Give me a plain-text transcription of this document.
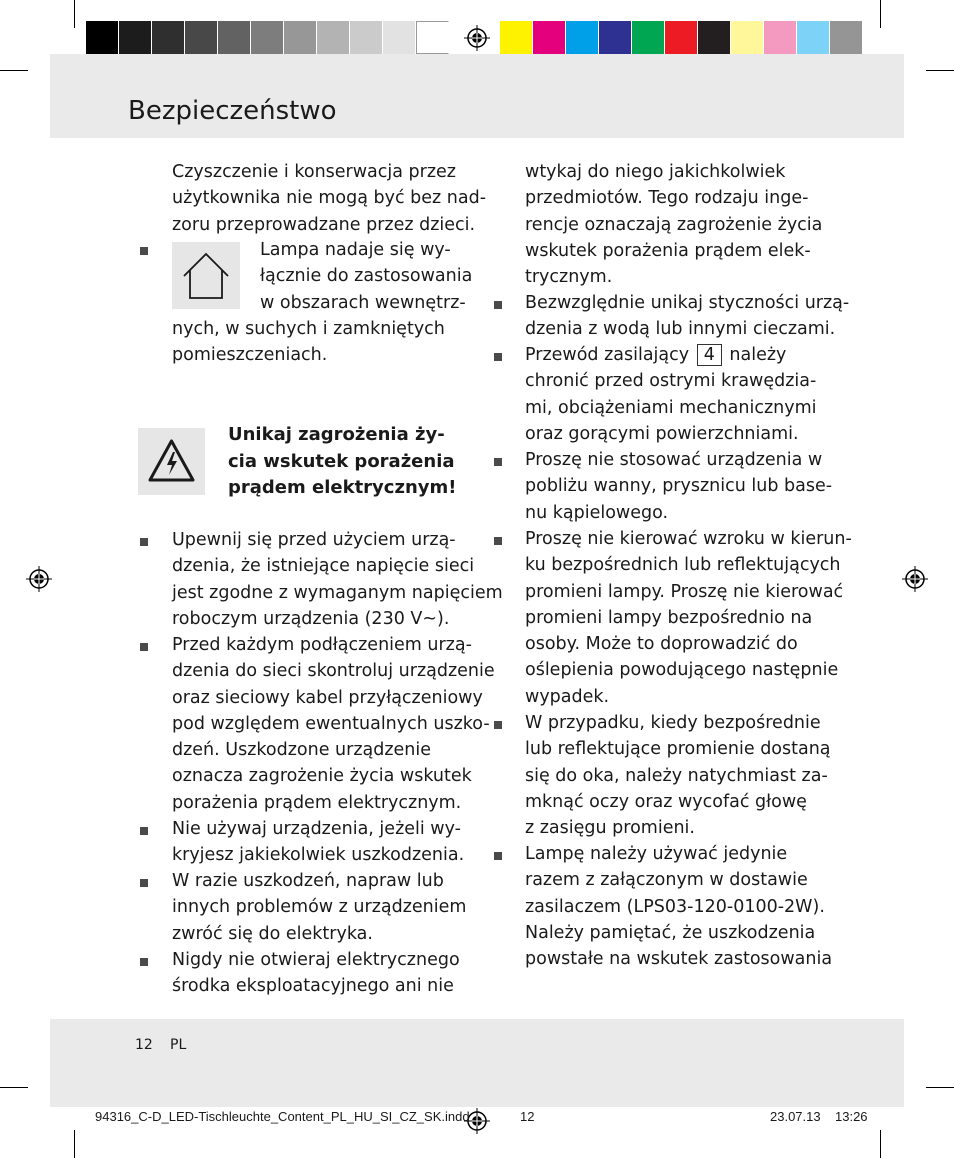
Bezpieczeństwo

Czyszczenie i konserwacja przez

użytkownika nie mogą być bez nad-

zoru przeprowadzane przez dzieci.

Lampa nadaje się wy-

łącznie do zastosowania

w obszarach wewnętrz-

nych, w suchych i zamkniętych

pomieszczeniach.

Unikaj zagrożenia ży-

cia wskutek porażenia

prądem elektrycznym!

Upewnij się przed użyciem urzą-

dzenia, że istniejące napięcie sieci

jest zgodne z wymaganym napięciem

roboczym urządzenia (230 V~).

Przed każdym podłączeniem urzą-

dzenia do sieci skontroluj urządzenie

oraz sieciowy kabel przyłączeniowy

pod względem ewentualnych uszko-

dzeń. Uszkodzone urządzenie

oznacza zagrożenie życia wskutek

porażenia prądem elektrycznym.

Nie używaj urządzenia, jeżeli wy-

kryjesz jakiekolwiek uszkodzenia.

W razie uszkodzeń, napraw lub

innych problemów z urządzeniem

zwróć się do elektryka.

Nigdy nie otwieraj elektrycznego

środka eksploatacyjnego ani nie

wtykaj do niego jakichkolwiek

przedmiotów. Tego rodzaju inge-

rencje oznaczają zagrożenie życia

wskutek porażenia prądem elek-

trycznym.

Bezwzględnie unikaj styczności urzą-

dzenia z wodą lub innymi cieczami.

Przewód zasilający 4 należy

chronić przed ostrymi krawędzia-

mi, obciążeniami mechanicznymi

oraz gorącymi powierzchniami.

Proszę nie stosować urządzenia w

pobliżu wanny, prysznicu lub base-

nu kąpielowego.

Proszę nie kierować wzroku w kierun-

ku bezpośrednich lub reflektujących

promieni lampy. Proszę nie kierować

promieni lampy bezpośrednio na

osoby. Może to doprowadzić do

oślepienia powodującego następnie

wypadek.

W przypadku, kiedy bezpośrednie

lub reflektujące promienie dostaną

się do oka, należy natychmiast za-

mknąć oczy oraz wycofać głowę

z zasięgu promieni.

Lampę należy używać jedynie

razem z załączonym w dostawie

zasilaczem (LPS03-120-0100-2W).

Należy pamiętać, że uszkodzenia

powstałe na wskutek zastosowania

12 PL
94316_C-D_LED-Tischleuchte_Content_PL_HU_SI_CZ_SK.indd	12	23.07.13 13:26
